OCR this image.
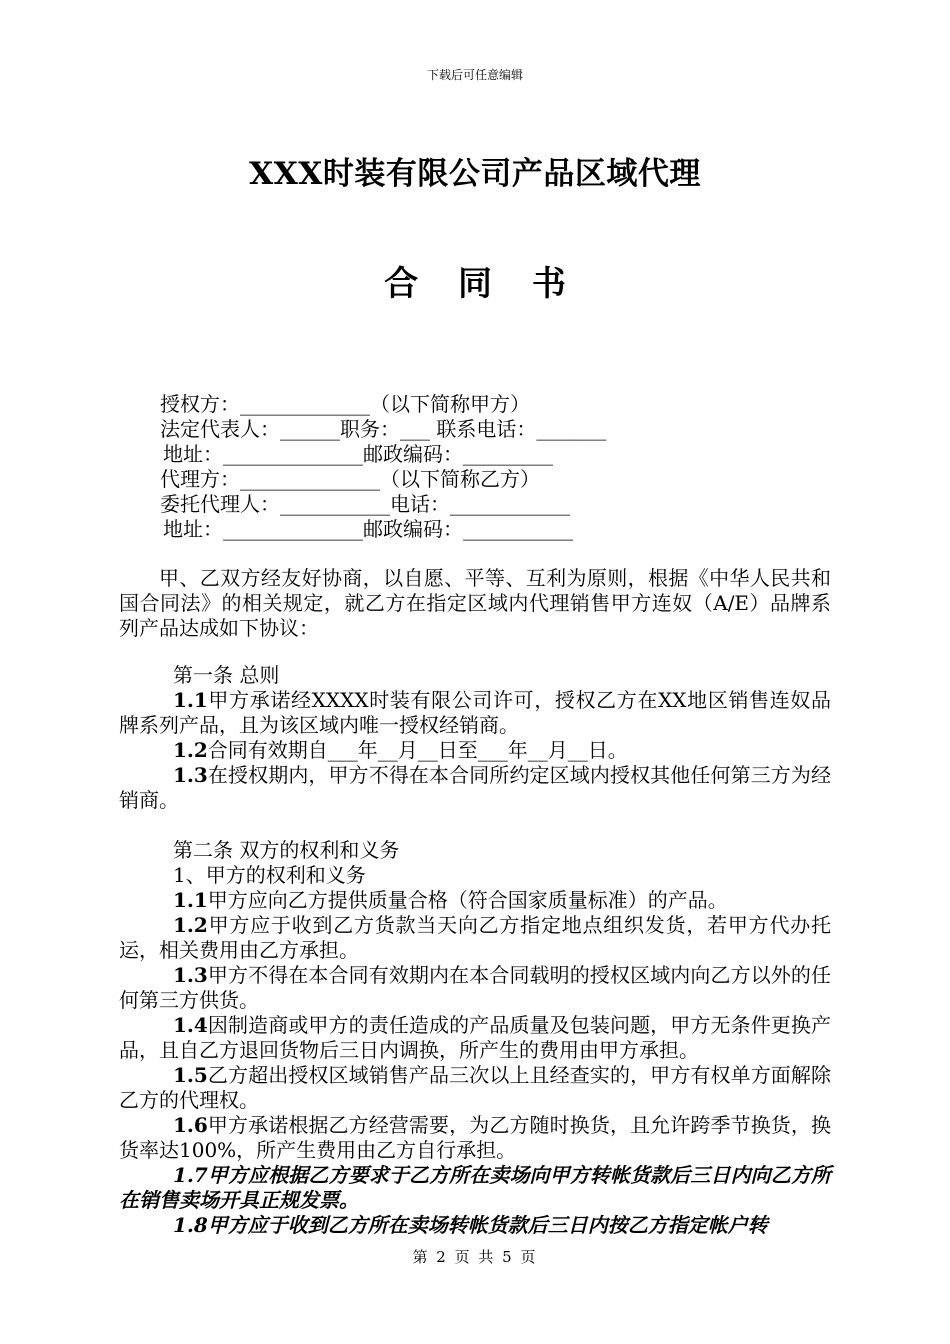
下载后可任意编辑
XXX时装有限公司产品区域代理
合 同 书
授权方：_____________（以下简称甲方）
法定代表人：______职务：___ 联系电话：_______
地址：______________邮政编码：_________
代理方：______________（以下简称乙方）
委托代理人：___________电话：____________
地址：______________邮政编码：___________

甲、乙双方经友好协商，以自愿、平等、互利为原则，根据《中华人民共和国合同法》的相关规定，就乙方在指定区域内代理销售甲方连奴（A/E）品牌系列产品达成如下协议：

第一条 总则

1.1甲方承诺经XXXX时装有限公司许可，授权乙方在XX地区销售连奴品牌系列产品，且为该区域内唯一授权经销商。

1.2合同有效期自___年__月__日至___年__月__日。

1.3在授权期内，甲方不得在本合同所约定区域内授权其他任何第三方为经销商。

第二条 双方的权利和义务

1、甲方的权利和义务

1.1甲方应向乙方提供质量合格（符合国家质量标准）的产品。

1.2甲方应于收到乙方货款当天向乙方指定地点组织发货，若甲方代办托运，相关费用由乙方承担。

1.3甲方不得在本合同有效期内在本合同载明的授权区域内向乙方以外的任何第三方供货。

1.4因制造商或甲方的责任造成的产品质量及包装问题，甲方无条件更换产品，且自乙方退回货物后三日内调换，所产生的费用由甲方承担。

1.5乙方超出授权区域销售产品三次以上且经查实的，甲方有权单方面解除乙方的代理权。

1.6甲方承诺根据乙方经营需要，为乙方随时换货，且允许跨季节换货，换货率达100%，所产生费用由乙方自行承担。

1.7甲方应根据乙方要求于乙方所在卖场向甲方转帐货款后三日内向乙方所在销售卖场开具正规发票。

1.8甲方应于收到乙方所在卖场转帐货款后三日内按乙方指定帐户转

第 2 页 共 5 页
